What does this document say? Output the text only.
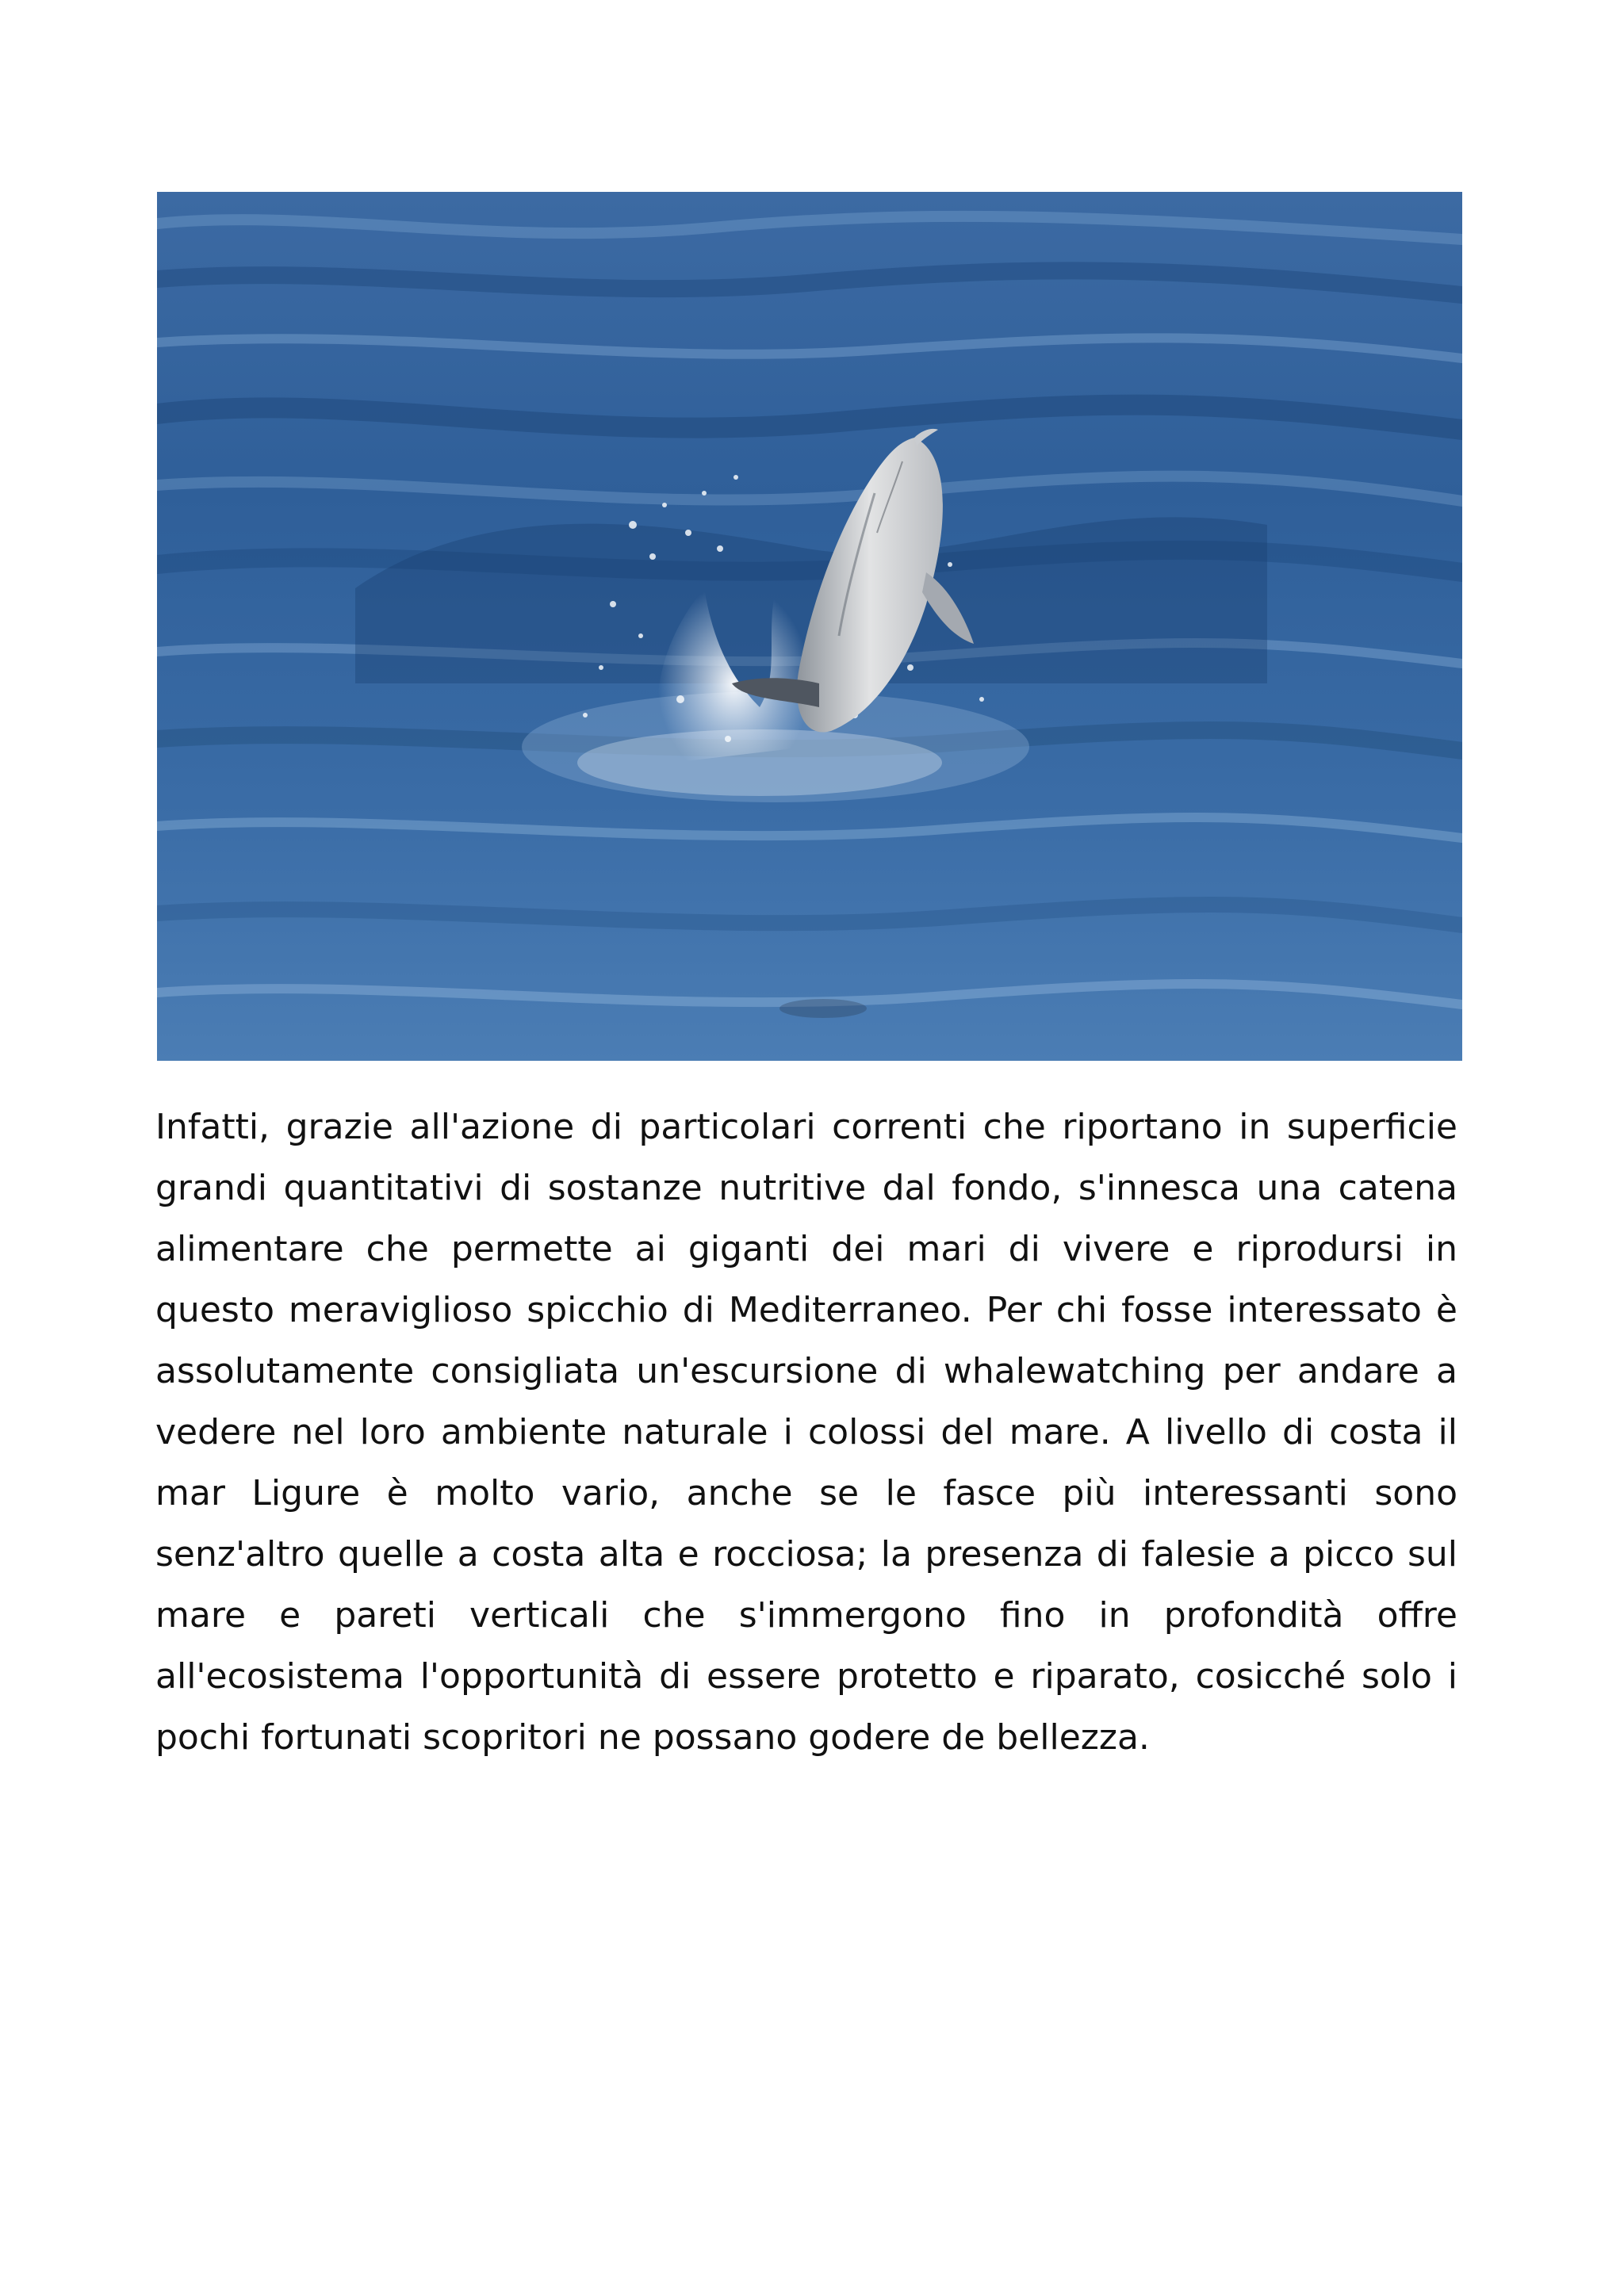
Infatti, grazie all'azione di particolari correnti che riportano in superficie grandi quantitativi di sostanze nutritive dal fondo, s'innesca una catena alimentare che permette ai giganti dei mari di vivere e riprodursi in questo meraviglioso spicchio di Mediterraneo. Per chi fosse interessato è assolutamente consigliata un'escursione di whalewatching per andare a vedere nel loro ambiente naturale i colossi del mare. A livello di costa il mar Ligure è molto vario, anche se le fasce più interessanti sono senz'altro quelle a costa alta e rocciosa; la presenza di falesie a picco sul mare e pareti verticali che s'immergono fino in profondità offre all'ecosistema l'opportunità di essere protetto e riparato, cosicché solo i pochi fortunati scopritori ne possano godere de bellezza.
